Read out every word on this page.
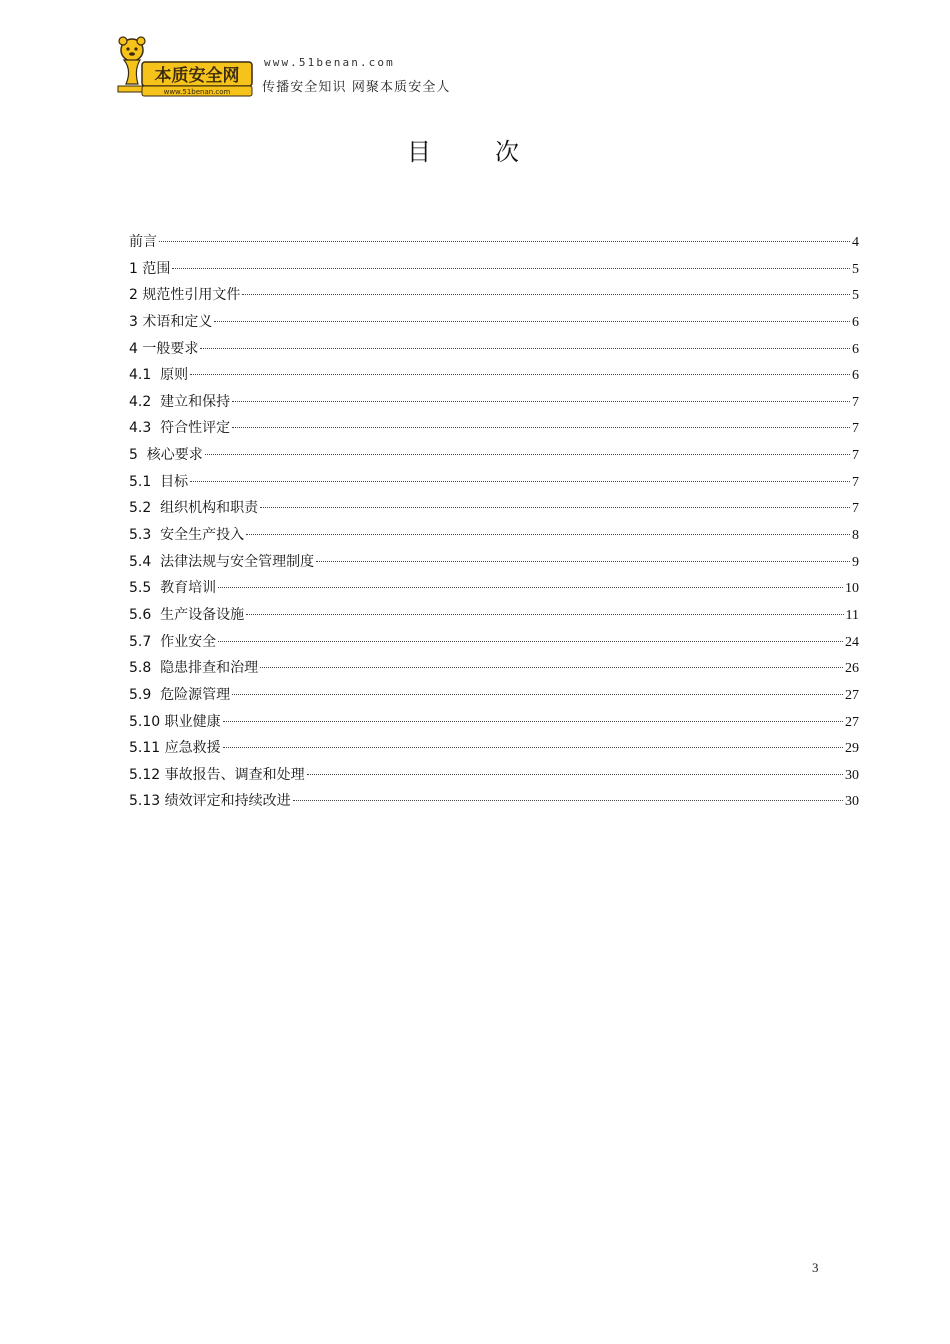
本质安全网
www.51benan.com
www.51benan.com
传播安全知识 网聚本质安全人
目次
前言	4
1 范围	5
2 规范性引用文件	5
3 术语和定义	6
4 一般要求	6
4.1  原则	6
4.2  建立和保持	7
4.3  符合性评定	7
5  核心要求	7
5.1  目标	7
5.2  组织机构和职责	7
5.3  安全生产投入	8
5.4  法律法规与安全管理制度	9
5.5  教育培训	10
5.6  生产设备设施	11
5.7  作业安全	24
5.8  隐患排查和治理	26
5.9  危险源管理	27
5.10 职业健康	27
5.11 应急救援	29
5.12 事故报告、调查和处理	30
5.13 绩效评定和持续改进	30
3
